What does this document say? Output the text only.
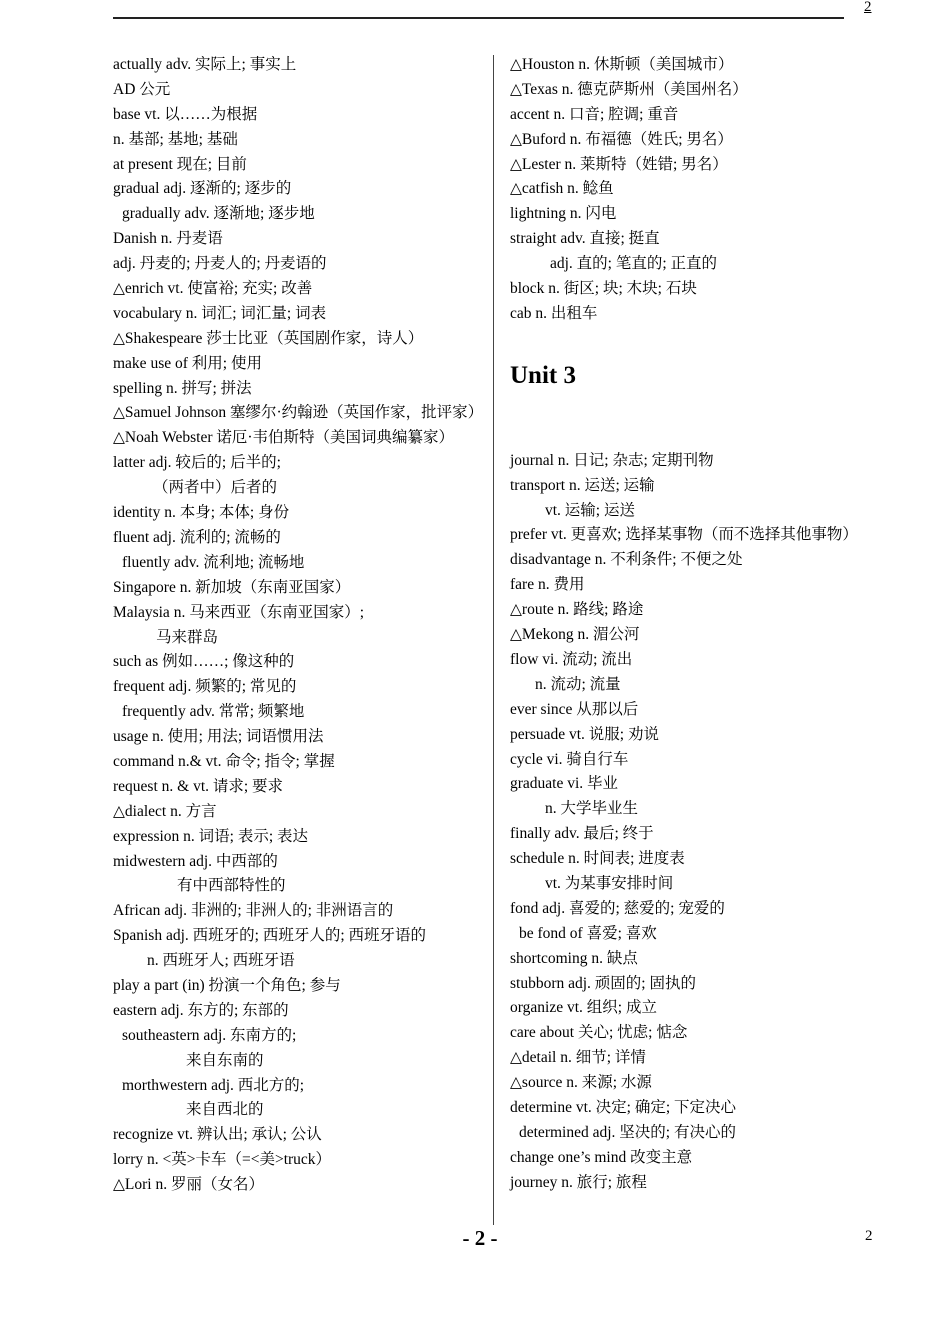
2
actually adv. 实际上; 事实上
AD 公元
base vt. 以……为根据
n. 基部; 基地; 基础
at present 现在; 目前
gradual adj. 逐渐的; 逐步的
gradually adv. 逐渐地; 逐步地
Danish n. 丹麦语
adj. 丹麦的; 丹麦人的; 丹麦语的
△enrich vt. 使富裕; 充实; 改善
vocabulary n. 词汇; 词汇量; 词表
△Shakespeare 莎士比亚（英国剧作家，诗人）
make use of 利用; 使用
spelling n. 拼写; 拼法
△Samuel Johnson 塞缪尔·约翰逊（英国作家，批评家）
△Noah Webster 诺厄·韦伯斯特（美国词典编纂家）
latter adj. 较后的; 后半的;
（两者中）后者的
identity n. 本身; 本体; 身份
fluent adj. 流利的; 流畅的
fluently adv. 流利地; 流畅地
Singapore n. 新加坡（东南亚国家）
Malaysia n. 马来西亚（东南亚国家）;
马来群岛
such as 例如……; 像这种的
frequent adj. 频繁的; 常见的
frequently adv. 常常; 频繁地
usage n. 使用; 用法; 词语惯用法
command n.& vt. 命令; 指令; 掌握
request n. & vt. 请求; 要求
△dialect n. 方言
expression n. 词语; 表示; 表达
midwestern adj. 中西部的
有中西部特性的
African adj. 非洲的; 非洲人的; 非洲语言的
Spanish adj. 西班牙的; 西班牙人的; 西班牙语的
n. 西班牙人; 西班牙语
play a part (in) 扮演一个角色; 参与
eastern adj. 东方的; 东部的
southeastern adj. 东南方的;
来自东南的
morthwestern adj. 西北方的;
来自西北的
recognize vt. 辨认出; 承认; 公认
lorry n. <英>卡车（=<美>truck）
△Lori n. 罗丽（女名）
△Houston n. 休斯顿（美国城市）
△Texas n. 德克萨斯州（美国州名）
accent n. 口音; 腔调; 重音
△Buford n. 布福德（姓氏; 男名）
△Lester n. 莱斯特（姓错; 男名）
△catfish n. 鲶鱼
lightning n. 闪电
straight adv. 直接; 挺直
adj. 直的; 笔直的; 正直的
block n. 街区; 块; 木块; 石块
cab n. 出租车
Unit 3
journal n. 日记; 杂志; 定期刊物
transport n. 运送; 运输
vt. 运输; 运送
prefer vt. 更喜欢; 选择某事物（而不选择其他事物）
disadvantage n. 不利条件; 不便之处
fare n. 费用
△route n. 路线; 路途
△Mekong n. 湄公河
flow vi. 流动; 流出
n. 流动; 流量
ever since 从那以后
persuade vt. 说服; 劝说
cycle vi. 骑自行车
graduate vi. 毕业
n. 大学毕业生
finally adv. 最后; 终于
schedule n. 时间表; 进度表
vt. 为某事安排时间
fond adj. 喜爱的; 慈爱的; 宠爱的
be fond of 喜爱; 喜欢
shortcoming n. 缺点
stubborn adj. 顽固的; 固执的
organize vt. 组织; 成立
care about 关心; 忧虑; 惦念
△detail n. 细节; 详情
△source n. 来源; 水源
determine vt. 决定; 确定; 下定决心
determined adj. 坚决的; 有决心的
change one’s mind 改变主意
journey n. 旅行; 旅程
- 2 -	2
